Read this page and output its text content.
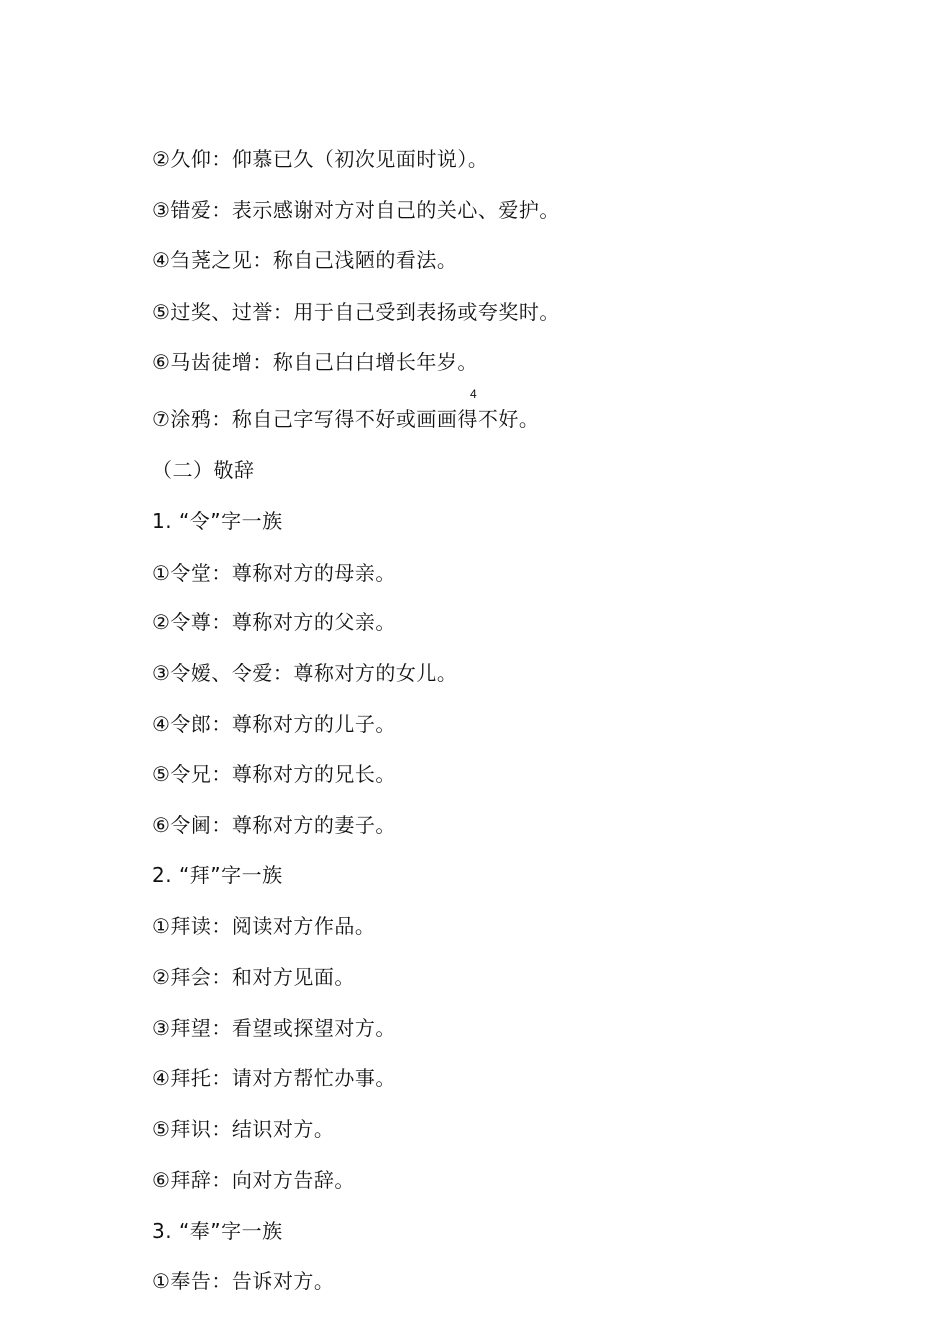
②久仰：仰慕已久（初次见面时说）。
③错爱：表示感谢对方对自己的关心、爱护。
④刍荛之见：称自己浅陋的看法。
⑤过奖、过誉：用于自己受到表扬或夸奖时。
⑥马齿徒增：称自己白白增长年岁。
4
⑦涂鸦：称自己字写得不好或画画得不好。
（二）敬辞
1. “令”字一族
①令堂：尊称对方的母亲。
②令尊：尊称对方的父亲。
③令嫒、令爱：尊称对方的女儿。
④令郎：尊称对方的儿子。
⑤令兄：尊称对方的兄长。
⑥令阃：尊称对方的妻子。
2. “拜”字一族
①拜读：阅读对方作品。
②拜会：和对方见面。
③拜望：看望或探望对方。
④拜托：请对方帮忙办事。
⑤拜识：结识对方。
⑥拜辞：向对方告辞。
3. “奉”字一族
①奉告：告诉对方。
